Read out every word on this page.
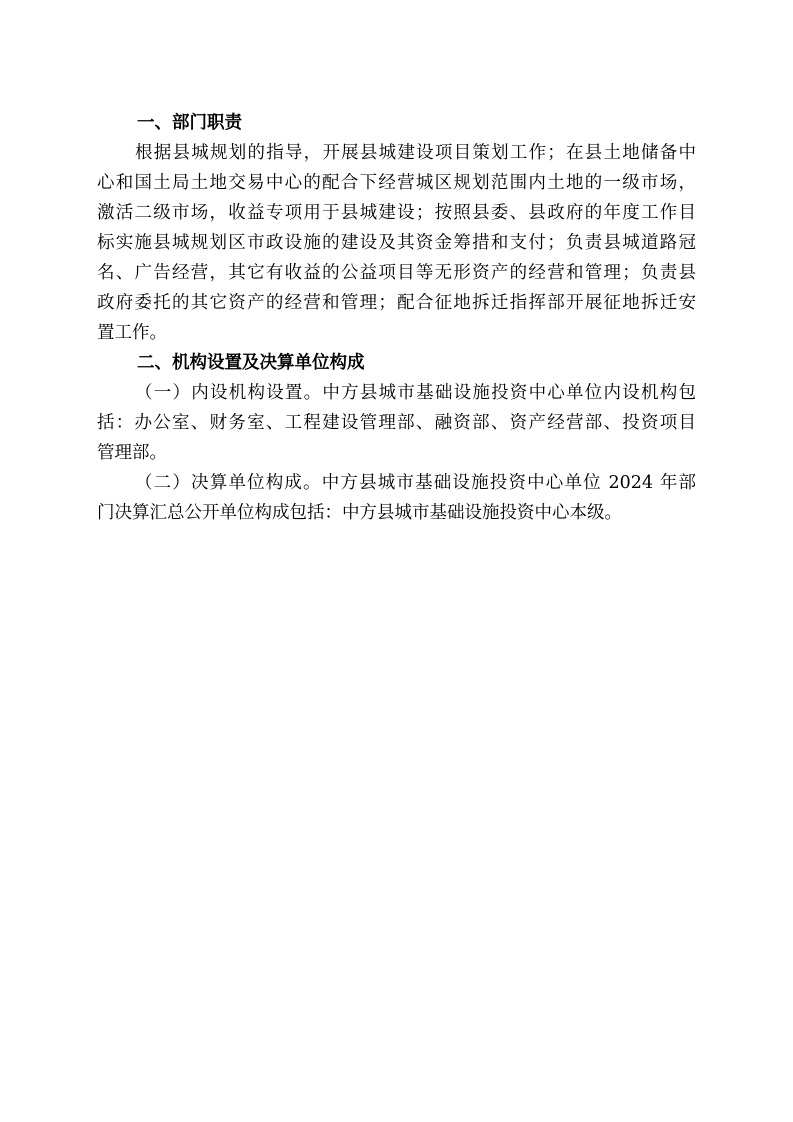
一、部门职责

根据县城规划的指导，开展县城建设项目策划工作；在县土地储备中
心和国土局土地交易中心的配合下经营城区规划范围内土地的一级市场，
激活二级市场，收益专项用于县城建设；按照县委、县政府的年度工作目
标实施县城规划区市政设施的建设及其资金筹措和支付；负责县城道路冠
名、广告经营，其它有收益的公益项目等无形资产的经营和管理；负责县
政府委托的其它资产的经营和管理；配合征地拆迁指挥部开展征地拆迁安
置工作。

二、机构设置及决算单位构成

（一）内设机构设置。中方县城市基础设施投资中心单位内设机构包
括：办公室、财务室、工程建设管理部、融资部、资产经营部、投资项目
管理部。

（二）决算单位构成。中方县城市基础设施投资中心单位 2024 年部
门决算汇总公开单位构成包括：中方县城市基础设施投资中心本级。
